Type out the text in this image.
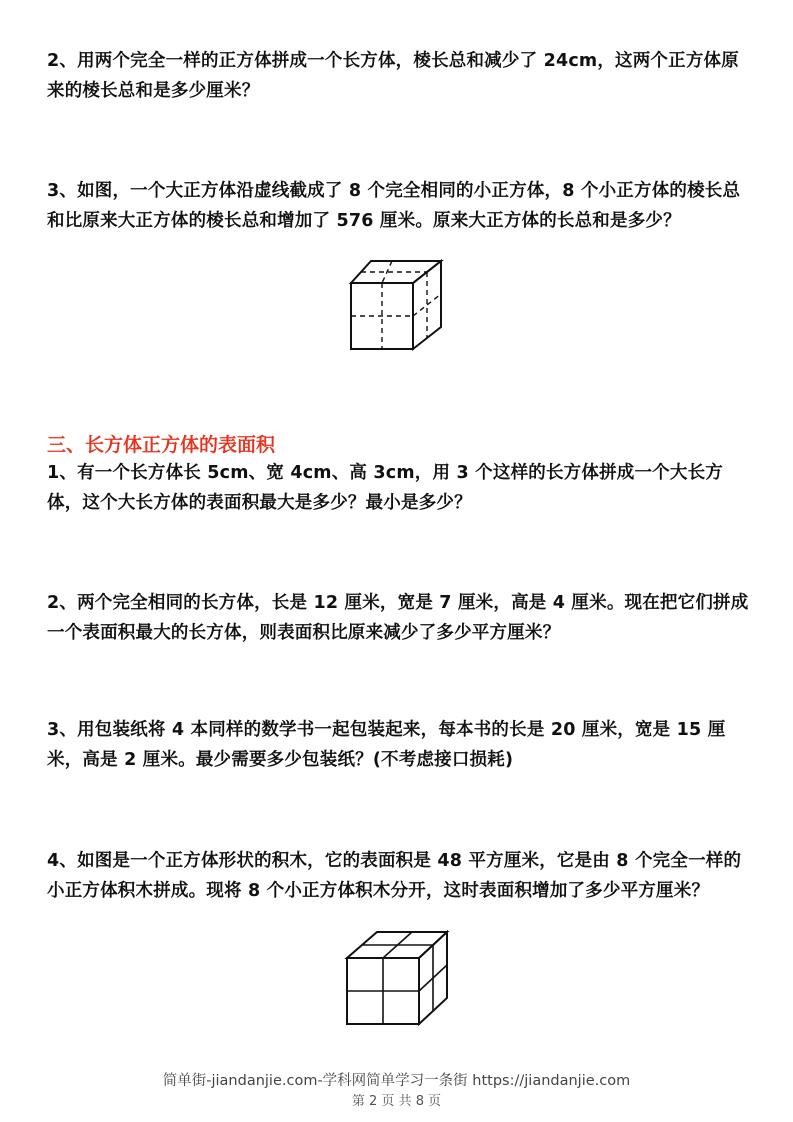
2、用两个完全一样的正方体拼成一个长方体，棱长总和减少了 24cm，这两个正方体原来的棱长总和是多少厘米？

3、如图，一个大正方体沿虚线截成了 8 个完全相同的小正方体，8 个小正方体的棱长总和比原来大正方体的棱长总和增加了 576 厘米。原来大正方体的长总和是多少？

三、长方体正方体的表面积

1、有一个长方体长 5cm、宽 4cm、高 3cm，用 3 个这样的长方体拼成一个大长方体，这个大长方体的表面积最大是多少？最小是多少？

2、两个完全相同的长方体，长是 12 厘米，宽是 7 厘米，高是 4 厘米。现在把它们拼成一个表面积最大的长方体，则表面积比原来减少了多少平方厘米？

3、用包装纸将 4 本同样的数学书一起包装起来，每本书的长是 20 厘米，宽是 15 厘米，高是 2 厘米。最少需要多少包装纸？(不考虑接口损耗)

4、如图是一个正方体形状的积木，它的表面积是 48 平方厘米，它是由 8 个完全一样的小正方体积木拼成。现将 8 个小正方体积木分开，这时表面积增加了多少平方厘米？

简单街-jiandanjie.com-学科网简单学习一条街 https://jiandanjie.com
第 2 页 共 8 页
